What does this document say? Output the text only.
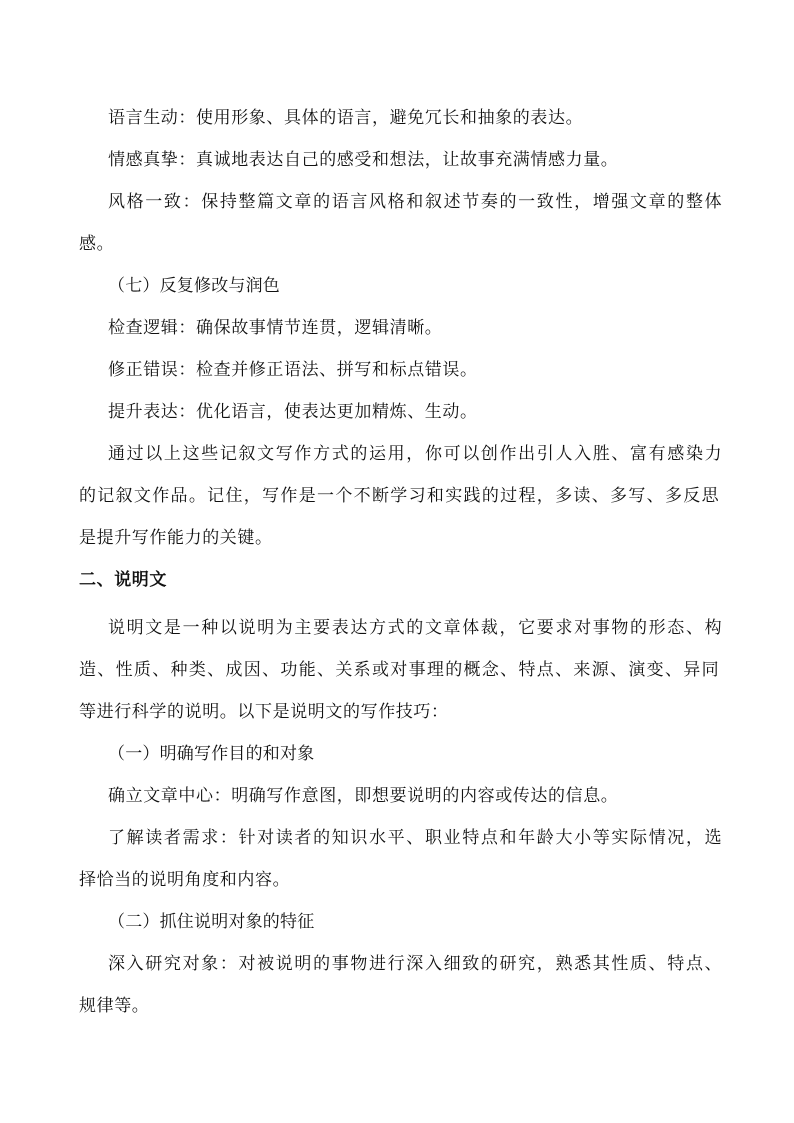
语言生动：使用形象、具体的语言，避免冗长和抽象的表达。

情感真挚：真诚地表达自己的感受和想法，让故事充满情感力量。

风格一致：保持整篇文章的语言风格和叙述节奏的一致性，增强文章的整体

感。

（七）反复修改与润色

检查逻辑：确保故事情节连贯，逻辑清晰。

修正错误：检查并修正语法、拼写和标点错误。

提升表达：优化语言，使表达更加精炼、生动。

通过以上这些记叙文写作方式的运用，你可以创作出引人入胜、富有感染力

的记叙文作品。记住，写作是一个不断学习和实践的过程，多读、多写、多反思

是提升写作能力的关键。

二、说明文

说明文是一种以说明为主要表达方式的文章体裁，它要求对事物的形态、构

造、性质、种类、成因、功能、关系或对事理的概念、特点、来源、演变、异同

等进行科学的说明。以下是说明文的写作技巧：

（一）明确写作目的和对象

确立文章中心：明确写作意图，即想要说明的内容或传达的信息。

了解读者需求：针对读者的知识水平、职业特点和年龄大小等实际情况，选

择恰当的说明角度和内容。

（二）抓住说明对象的特征

深入研究对象：对被说明的事物进行深入细致的研究，熟悉其性质、特点、

规律等。
